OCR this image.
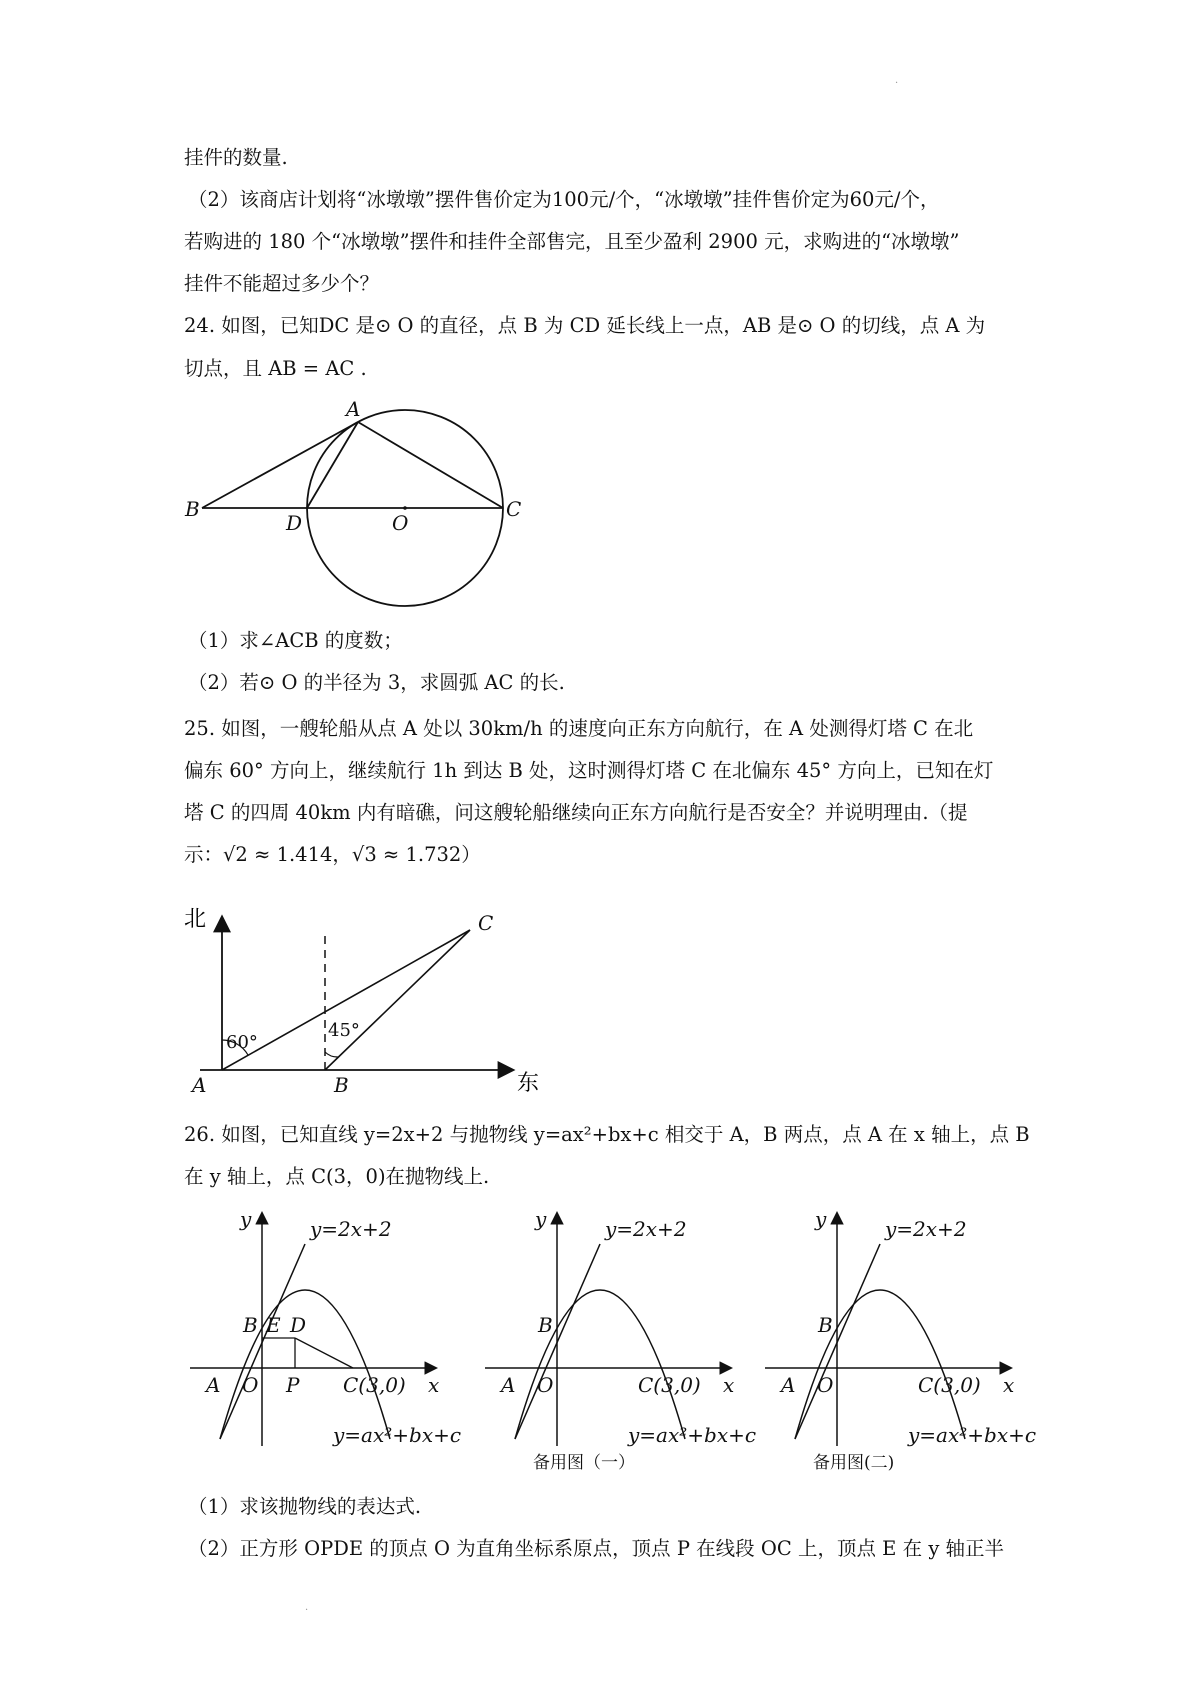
·
挂件的数量.
（2）该商店计划将“冰墩墩”摆件售价定为100元/个，“冰墩墩”挂件售价定为60元/个，
若购进的 180 个“冰墩墩”摆件和挂件全部售完，且至少盈利 2900 元，求购进的“冰墩墩”
挂件不能超过多少个？
24. 如图，已知DC 是⊙ O 的直径，点 B 为 CD 延长线上一点，AB 是⊙ O 的切线，点 A 为
切点，且 AB = AC .
A
B	C
D	O
（1）求∠ACB 的度数；
（2）若⊙ O 的半径为 3，求圆弧 AC 的长.
25. 如图，一艘轮船从点 A 处以 30km/h 的速度向正东方向航行，在 A 处测得灯塔 C 在北
偏东 60° 方向上，继续航行 1h 到达 B 处，这时测得灯塔 C 在北偏东 45° 方向上，已知在灯
塔 C 的四周 40km 内有暗礁，问这艘轮船继续向正东方向航行是否安全？并说明理由.（提
示：√2 ≈ 1.414，√3 ≈ 1.732）
北
东
A	B
C
60°
45°
26. 如图，已知直线 y=2x+2 与抛物线 y=ax²+bx+c 相交于 A，B 两点，点 A 在 x 轴上，点 B
在 y 轴上，点 C(3，0)在抛物线上.
y
x
A
B
O	C(3,0)
E D
P
y=2x+2
y=ax²+bx+c
y
x
A
B
O	C(3,0)
y=2x+2
y=ax²+bx+c
备用图（一）
y
x
A
B
O	C(3,0)
y=2x+2
y=ax²+bx+c
备用图(二)
（1）求该抛物线的表达式.
（2）正方形 OPDE 的顶点 O 为直角坐标系原点，顶点 P 在线段 OC 上，顶点 E 在 y 轴正半
·
